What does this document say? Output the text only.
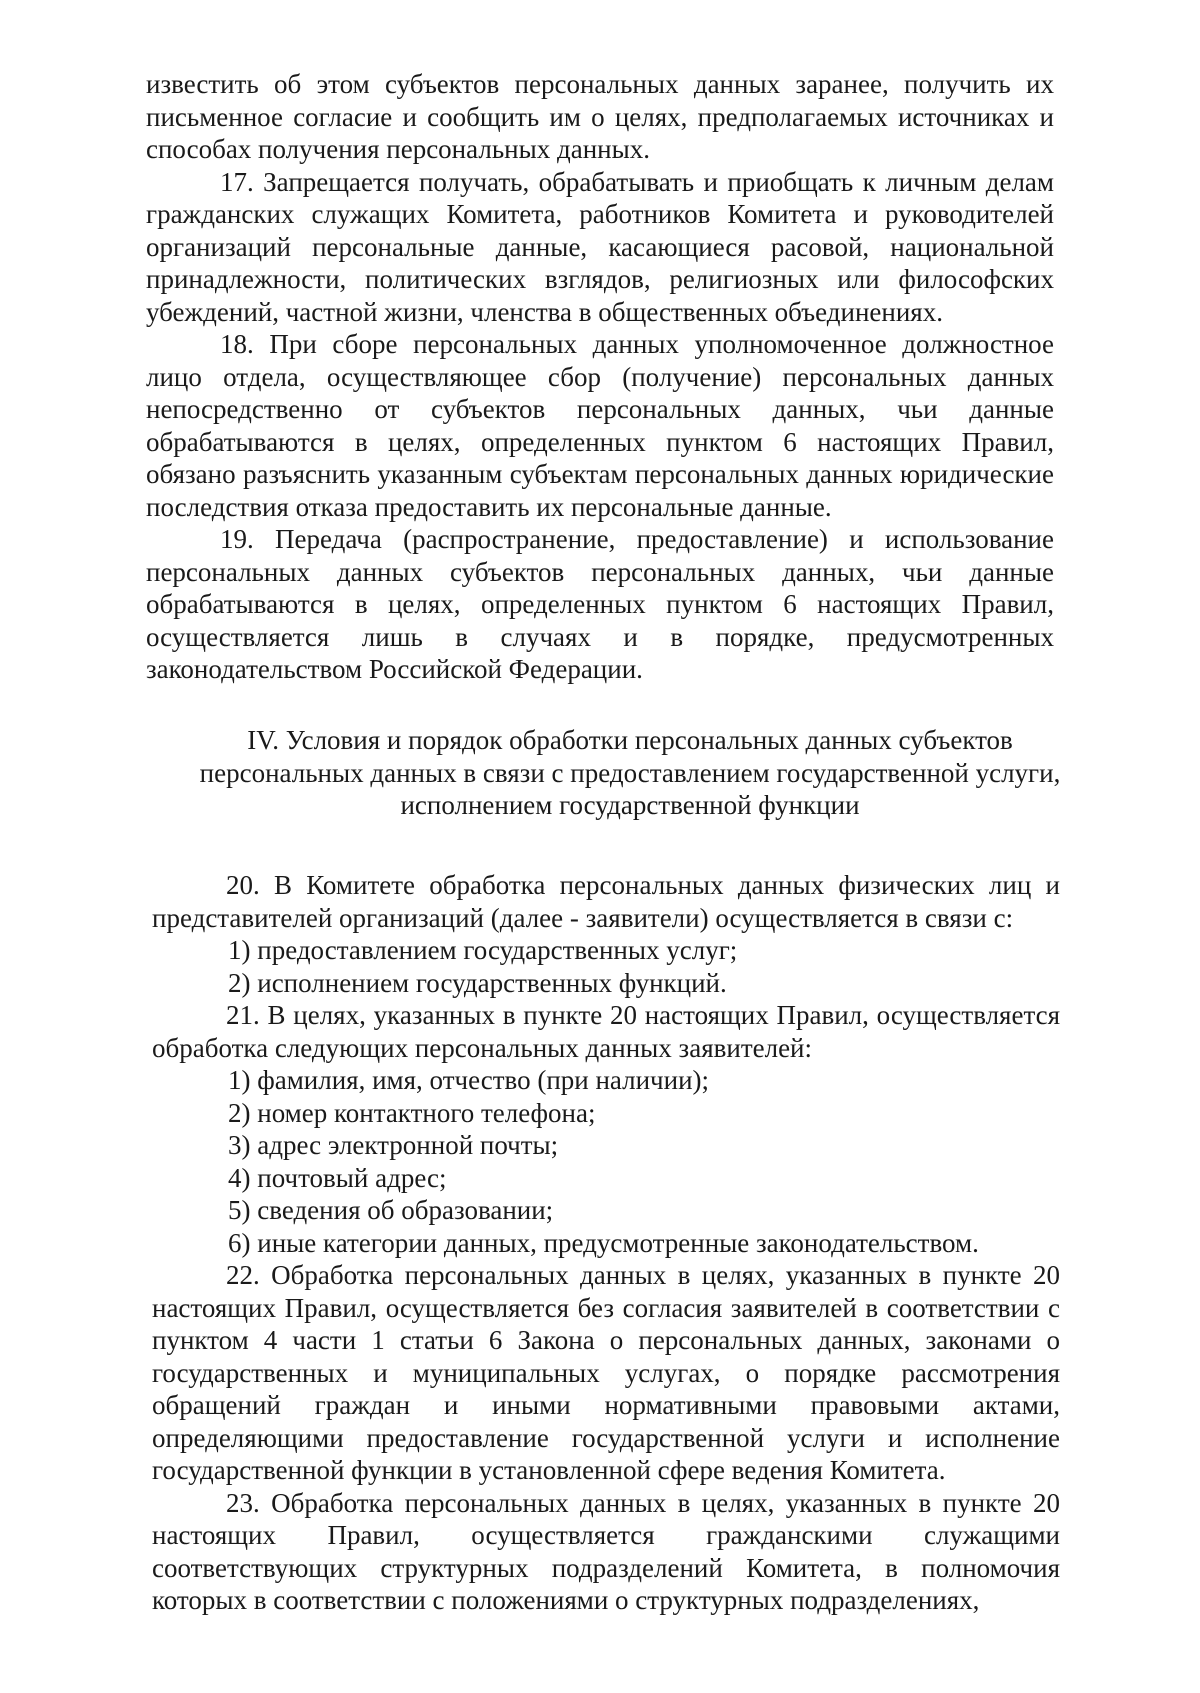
известить об этом субъектов персональных данных заранее, получить их письменное согласие и сообщить им о целях, предполагаемых источниках и способах получения персональных данных.

17. Запрещается получать, обрабатывать и приобщать к личным делам гражданских служащих Комитета, работников Комитета и руководителей организаций персональные данные, касающиеся расовой, национальной принадлежности, политических взглядов, религиозных или философских убеждений, частной жизни, членства в общественных объединениях.

18. При сборе персональных данных уполномоченное должностное лицо отдела, осуществляющее сбор (получение) персональных данных непосредственно от субъектов персональных данных, чьи данные обрабатываются в целях, определенных пунктом 6 настоящих Правил, обязано разъяснить указанным субъектам персональных данных юридические последствия отказа предоставить их персональные данные.

19. Передача (распространение, предоставление) и использование персональных данных субъектов персональных данных, чьи данные обрабатываются в целях, определенных пунктом 6 настоящих Правил, осуществляется лишь в случаях и в порядке, предусмотренных законодательством Российской Федерации.

IV. Условия и порядок обработки персональных данных субъектов
персональных данных в связи с предоставлением государственной услуги,
исполнением государственной функции

20. В Комитете обработка персональных данных физических лиц и представителей организаций (далее - заявители) осуществляется в связи с:

1) предоставлением государственных услуг;

2) исполнением государственных функций.

21. В целях, указанных в пункте 20 настоящих Правил, осуществляется обработка следующих персональных данных заявителей:

1) фамилия, имя, отчество (при наличии);

2) номер контактного телефона;

3) адрес электронной почты;

4) почтовый адрес;

5) сведения об образовании;

6) иные категории данных, предусмотренные законодательством.

22. Обработка персональных данных в целях, указанных в пункте 20 настоящих Правил, осуществляется без согласия заявителей в соответствии с пунктом 4 части 1 статьи 6 Закона о персональных данных, законами о государственных и муниципальных услугах, о порядке рассмотрения обращений граждан и иными нормативными правовыми актами, определяющими предоставление государственной услуги и исполнение государственной функции в установленной сфере ведения Комитета.

23. Обработка персональных данных в целях, указанных в пункте 20 настоящих Правил, осуществляется гражданскими служащими соответствующих структурных подразделений Комитета, в полномочия которых в соответствии с положениями о структурных подразделениях,
